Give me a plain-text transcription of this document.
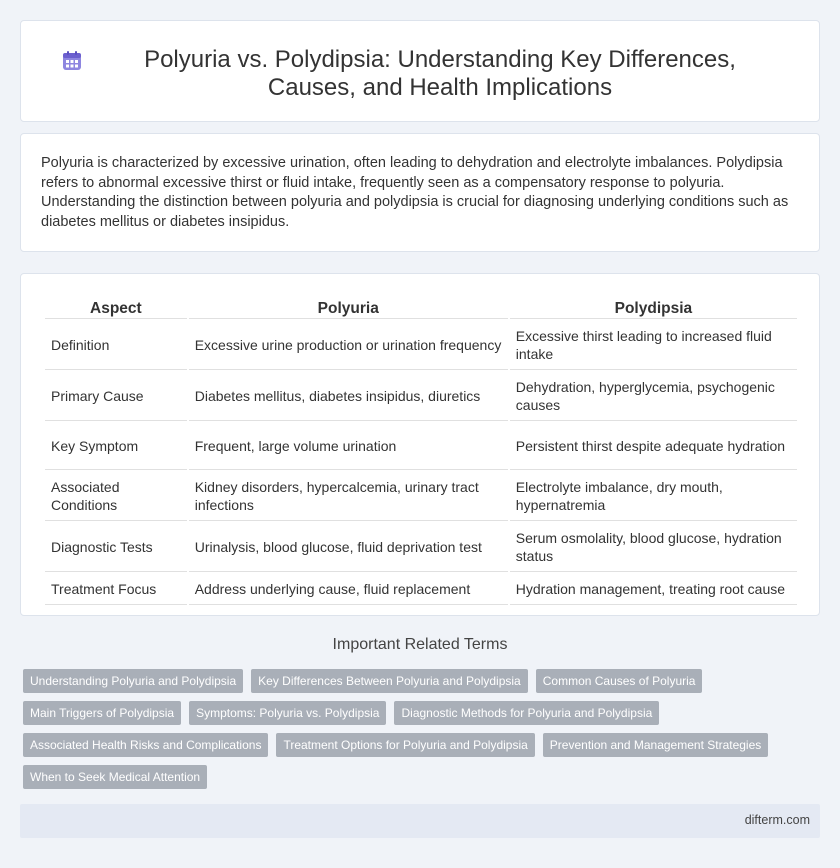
Polyuria vs. Polydipsia: Understanding Key Differences, Causes, and Health Implications

Polyuria is characterized by excessive urination, often leading to dehydration and electrolyte imbalances. Polydipsia refers to abnormal excessive thirst or fluid intake, frequently seen as a compensatory response to polyuria. Understanding the distinction between polyuria and polydipsia is crucial for diagnosing underlying conditions such as diabetes mellitus or diabetes insipidus.

Aspect	Polyuria	Polydipsia
Definition	Excessive urine production or urination frequency	Excessive thirst leading to increased fluid intake
Primary Cause	Diabetes mellitus, diabetes insipidus, diuretics	Dehydration, hyperglycemia, psychogenic causes
Key Symptom	Frequent, large volume urination	Persistent thirst despite adequate hydration
Associated Conditions	Kidney disorders, hypercalcemia, urinary tract infections	Electrolyte imbalance, dry mouth, hypernatremia
Diagnostic Tests	Urinalysis, blood glucose, fluid deprivation test	Serum osmolality, blood glucose, hydration status
Treatment Focus	Address underlying cause, fluid replacement	Hydration management, treating root cause
Important Related Terms
Understanding Polyuria and Polydipsia	Key Differences Between Polyuria and Polydipsia	Common Causes of Polyuria
Main Triggers of Polydipsia	Symptoms: Polyuria vs. Polydipsia	Diagnostic Methods for Polyuria and Polydipsia
Associated Health Risks and Complications	Treatment Options for Polyuria and Polydipsia	Prevention and Management Strategies
When to Seek Medical Attention
difterm.com
